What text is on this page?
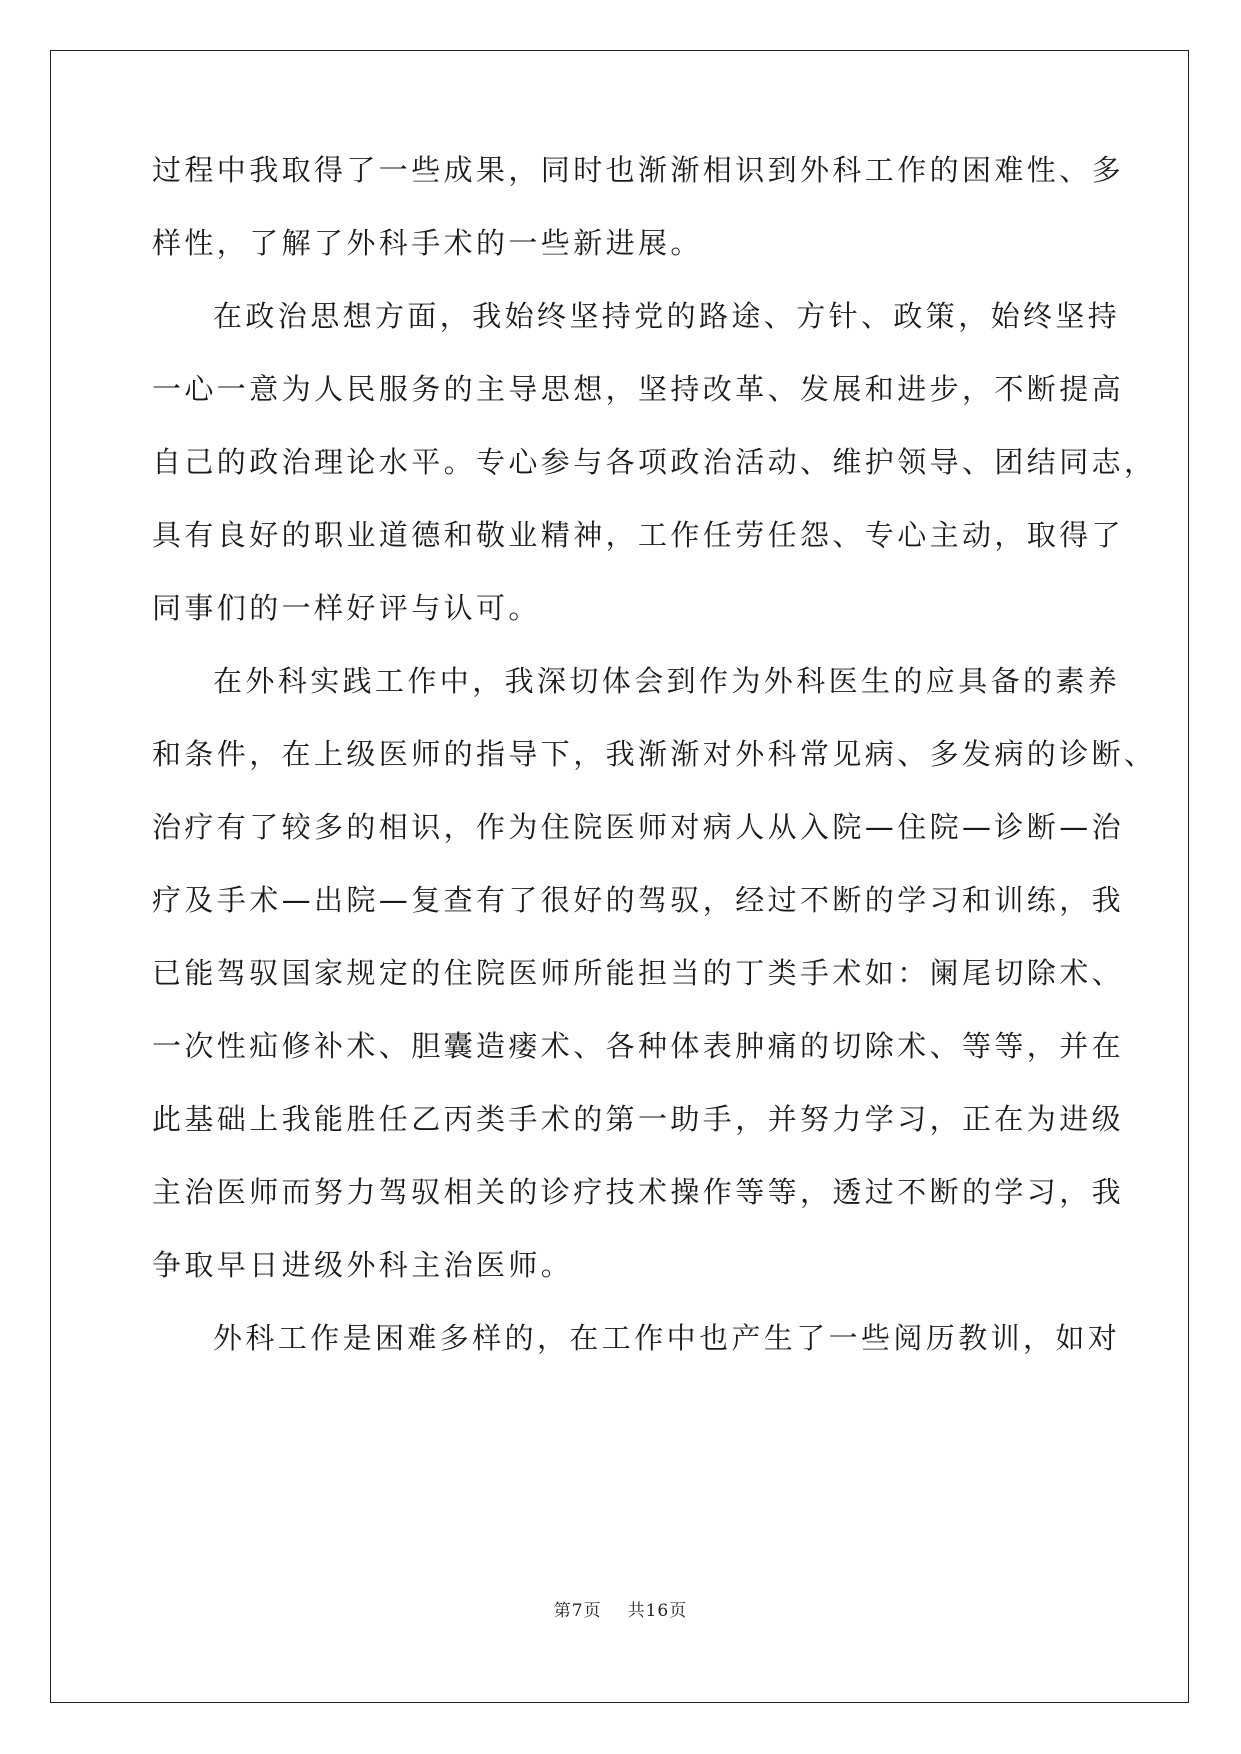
过程中我取得了一些成果，同时也渐渐相识到外科工作的困难性、多
样性，了解了外科手术的一些新进展。
在政治思想方面，我始终坚持党的路途、方针、政策，始终坚持
一心一意为人民服务的主导思想，坚持改革、发展和进步，不断提高
自己的政治理论水平。专心参与各项政治活动、维护领导、团结同志，
具有良好的职业道德和敬业精神，工作任劳任怨、专心主动，取得了
同事们的一样好评与认可。
在外科实践工作中，我深切体会到作为外科医生的应具备的素养
和条件，在上级医师的指导下，我渐渐对外科常见病、多发病的诊断、
治疗有了较多的相识，作为住院医师对病人从入院—住院—诊断—治
疗及手术—出院—复查有了很好的驾驭，经过不断的学习和训练，我
已能驾驭国家规定的住院医师所能担当的丁类手术如：阑尾切除术、
一次性疝修补术、胆囊造瘘术、各种体表肿痛的切除术、等等，并在
此基础上我能胜任乙丙类手术的第一助手，并努力学习，正在为进级
主治医师而努力驾驭相关的诊疗技术操作等等，透过不断的学习，我
争取早日进级外科主治医师。
外科工作是困难多样的，在工作中也产生了一些阅历教训，如对
第7页 共16页
